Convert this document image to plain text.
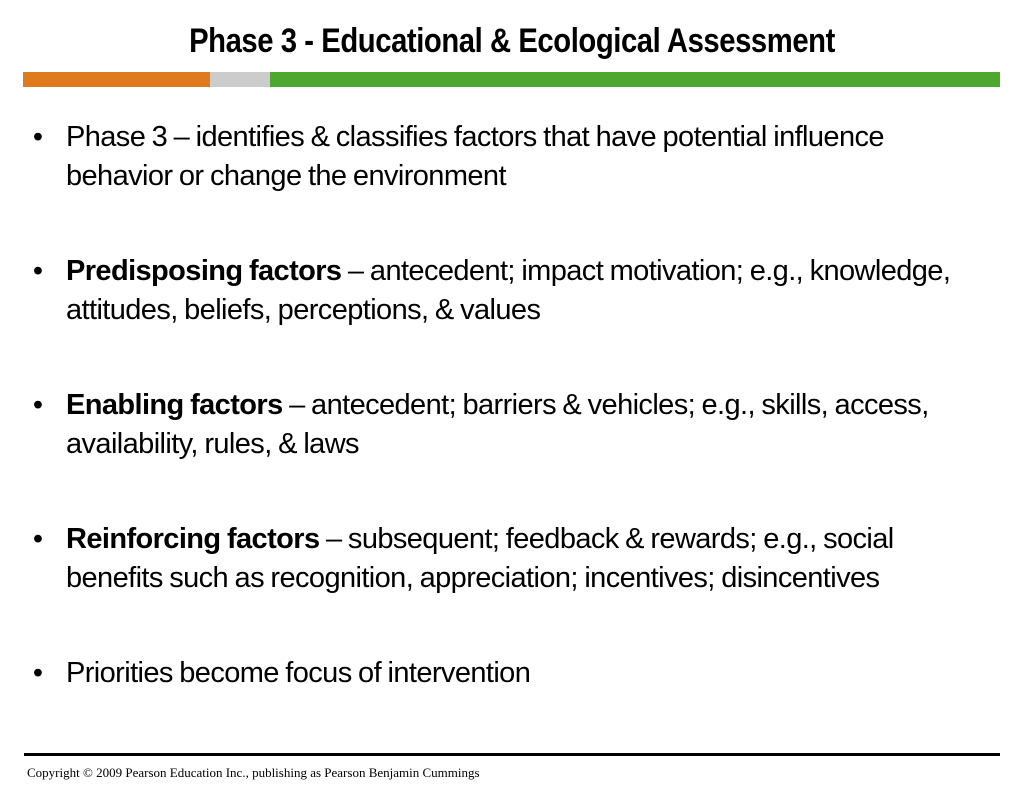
Phase 3 - Educational & Ecological Assessment
• Phase 3 – identifies & classifies factors that have potential influence behavior or change the environment
• Predisposing factors – antecedent; impact motivation; e.g., knowledge, attitudes, beliefs, perceptions, & values
• Enabling factors – antecedent; barriers & vehicles; e.g., skills, access, availability, rules, & laws
• Reinforcing factors – subsequent; feedback & rewards; e.g., social benefits such as recognition, appreciation; incentives; disincentives
• Priorities become focus of intervention
Copyright © 2009 Pearson Education Inc., publishing as Pearson Benjamin Cummings
